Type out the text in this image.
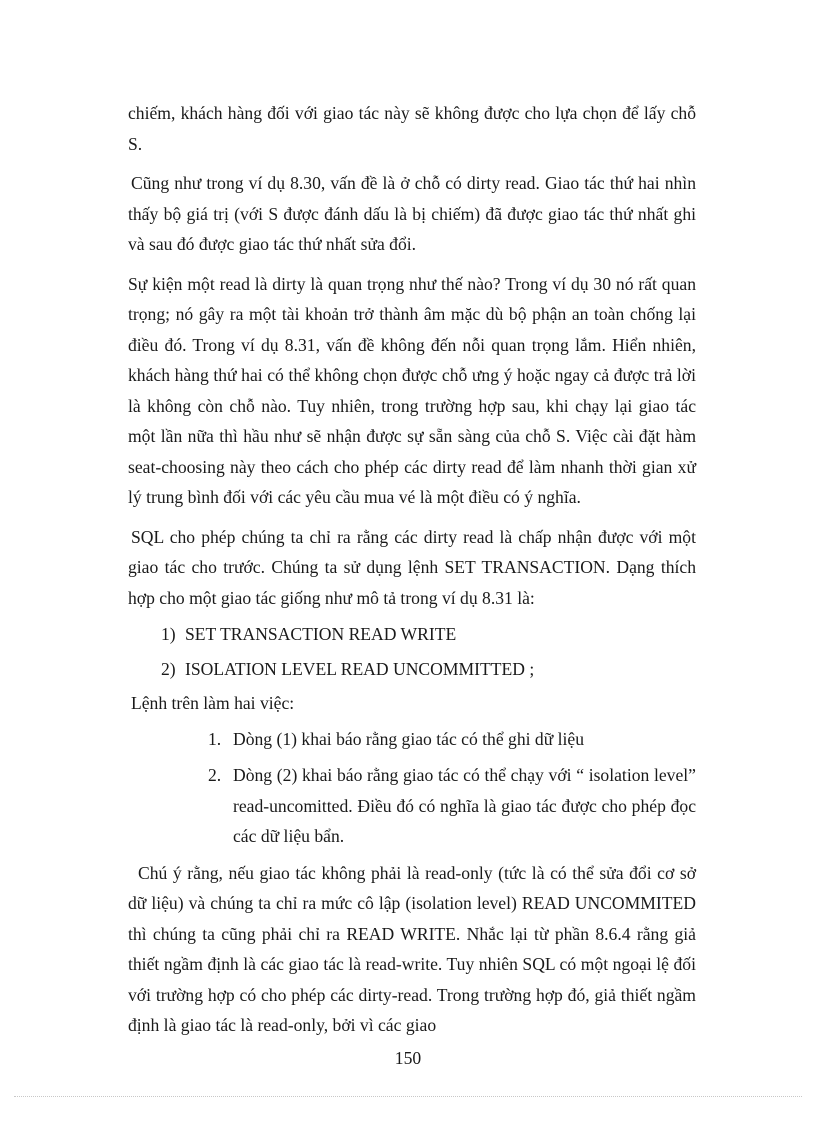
chiếm, khách hàng đối với giao tác này sẽ không được cho lựa chọn để lấy chỗ S.

Cũng như trong ví dụ 8.30, vấn đề là ở chỗ có dirty read. Giao tác thứ hai nhìn thấy bộ giá trị (với S được đánh dấu là bị chiếm) đã được giao tác thứ nhất ghi và sau đó được giao tác thứ nhất sửa đổi.

Sự kiện một read là dirty là quan trọng như thế nào? Trong ví dụ 30 nó rất quan trọng; nó gây ra một tài khoản trở thành âm mặc dù bộ phận an toàn chống lại điều đó. Trong ví dụ 8.31, vấn đề không đến nỗi quan trọng lắm. Hiển nhiên, khách hàng thứ hai có thể không chọn được chỗ ưng ý hoặc ngay cả được trả lời là không còn chỗ nào. Tuy nhiên, trong trường hợp sau, khi chạy lại giao tác một lần nữa thì hầu như sẽ nhận được sự sẵn sàng của chỗ S. Việc cài đặt hàm seat-choosing này theo cách cho phép các dirty read để làm nhanh thời gian xử lý trung bình đối với các yêu cầu mua vé là một điều có ý nghĩa.

SQL cho phép chúng ta chỉ ra rằng các dirty read là chấp nhận được với một giao tác cho trước. Chúng ta sử dụng lệnh SET TRANSACTION. Dạng thích hợp cho một giao tác giống như mô tả trong ví dụ 8.31 là:

1) SET TRANSACTION READ WRITE
2) ISOLATION LEVEL READ UNCOMMITTED ;

Lệnh trên làm hai việc:

1. Dòng (1) khai báo rằng giao tác có thể ghi dữ liệu
2. Dòng (2) khai báo rằng giao tác có thể chạy với “ isolation level” read-uncomitted. Điều đó có nghĩa là giao tác được cho phép đọc các dữ liệu bẩn.

Chú ý rằng, nếu giao tác không phải là read-only (tức là có thể sửa đổi cơ sở dữ liệu) và chúng ta chỉ ra mức cô lập (isolation level) READ UNCOMMITED thì chúng ta cũng phải chỉ ra READ WRITE. Nhắc lại từ phần 8.6.4 rằng giả thiết ngầm định là các giao tác là read-write. Tuy nhiên SQL có một ngoại lệ đối với trường hợp có cho phép các dirty-read. Trong trường hợp đó, giả thiết ngầm định là giao tác là read-only, bởi vì các giao

150
